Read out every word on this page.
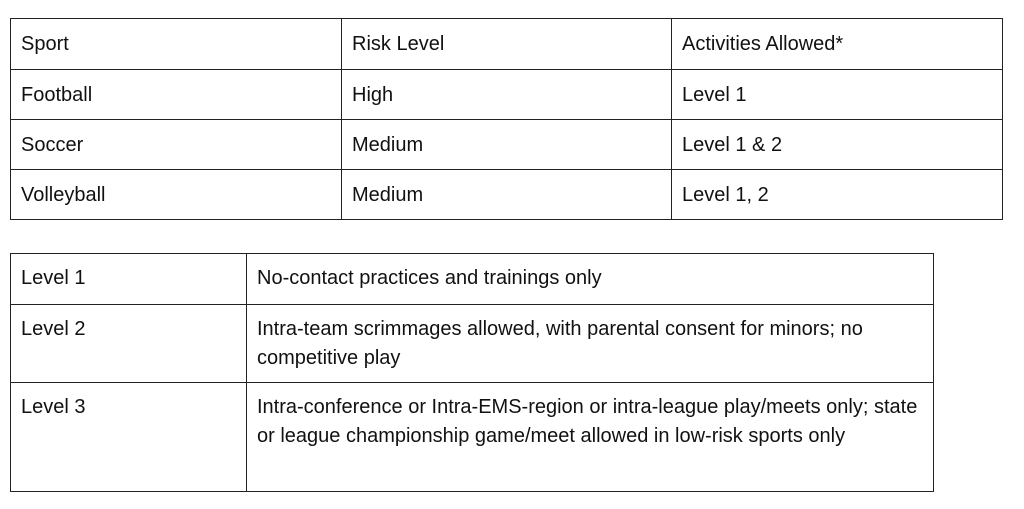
Sport	Risk Level	Activities Allowed*
Football	High	Level 1
Soccer	Medium	Level 1 & 2
Volleyball	Medium	Level 1, 2
Level 1	No-contact practices and trainings only
Level 2	Intra-team scrimmages allowed, with parental consent for minors; no competitive play
Level 3	Intra-conference or Intra-EMS-region or intra-league play/meets only; state or league championship game/meet allowed in low-risk sports only
